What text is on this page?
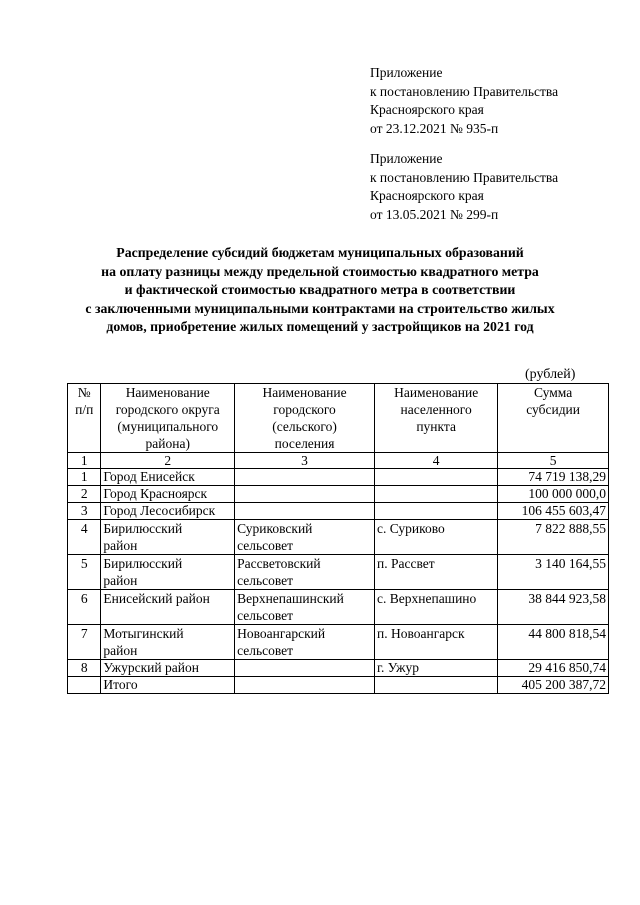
Приложение
к постановлению Правительства
Красноярского края
от 23.12.2021 № 935-п
Приложение
к постановлению Правительства
Красноярского края
от 13.05.2021 № 299-п
Распределение субсидий бюджетам муниципальных образований
на оплату разницы между предельной стоимостью квадратного метра
и фактической стоимостью квадратного метра в соответствии
с заключенными муниципальными контрактами на строительство жилых
домов, приобретение жилых помещений у застройщиков на 2021 год
(рублей)
№
п/п	Наименование
городского округа
(муниципального
района)	Наименование
городского
(сельского)
поселения	Наименование
населенного
пункта	Сумма
субсидии
1	2	3	4	5
1	Город Енисейск			74 719 138,29
2	Город Красноярск			100 000 000,0
3	Город Лесосибирск			106 455 603,47
4	Бирилюсский
район	Суриковский
сельсовет	с. Суриково	7 822 888,55
5	Бирилюсский
район	Рассветовский
сельсовет	п. Рассвет	3 140 164,55
6	Енисейский район	Верхнепашинский
сельсовет	с. Верхнепашино	38 844 923,58
7	Мотыгинский
район	Новоангарский
сельсовет	п. Новоангарск	44 800 818,54
8	Ужурский район		г. Ужур	29 416 850,74
	Итого			405 200 387,72
